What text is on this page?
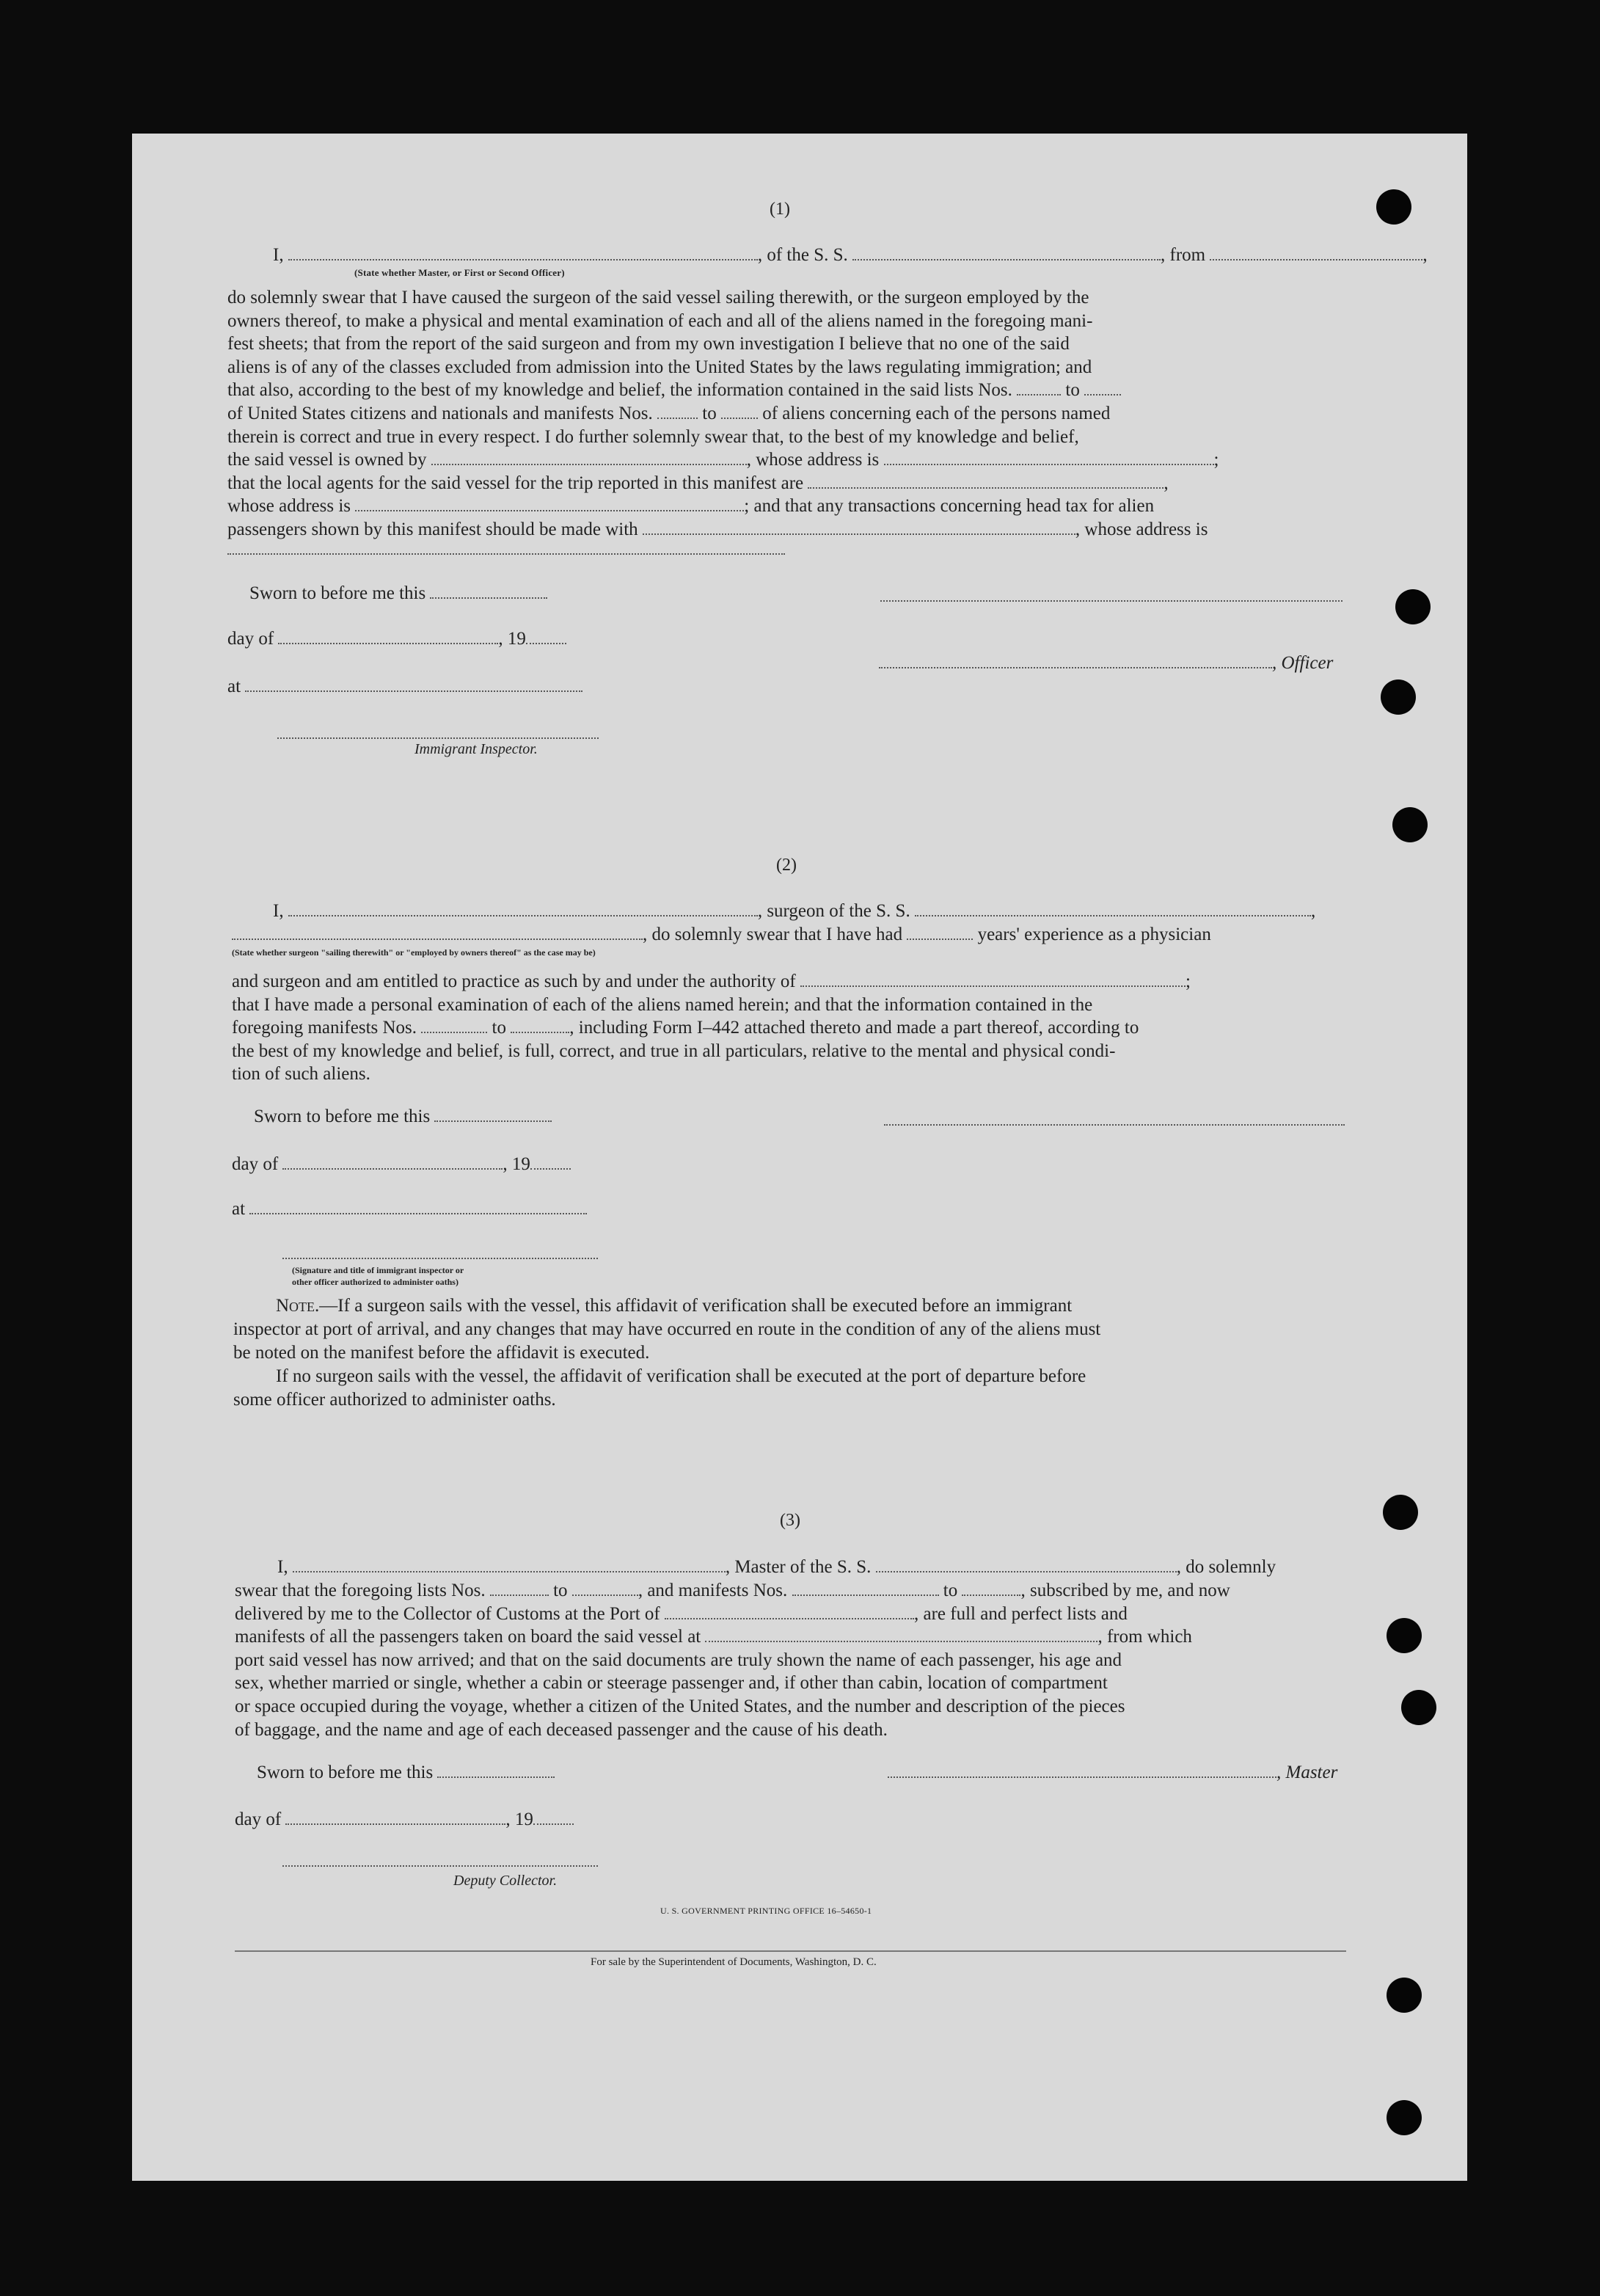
(1)
I,	, of the S. S.	, from	,
(State whether Master, or First or Second Officer)
do solemnly swear that I have caused the surgeon of the said vessel sailing therewith, or the surgeon employed by the
owners thereof, to make a physical and mental examination of each and all of the aliens named in the foregoing mani-
fest sheets; that from the report of the said surgeon and from my own investigation I believe that no one of the said
aliens is of any of the classes excluded from admission into the United States by the laws regulating immigration; and
that also, according to the best of my knowledge and belief, the information contained in the said lists Nos.	to
of United States citizens and nationals and manifests Nos.	to	of aliens concerning each of the persons named
therein is correct and true in every respect. I do further solemnly swear that, to the best of my knowledge and belief,
the said vessel is owned by	, whose address is	;
that the local agents for the said vessel for the trip reported in this manifest are	,
whose address is	; and that any transactions concerning head tax for alien
passengers shown by this manifest should be made with	, whose address is
Sworn to before me this
day of	, 19
, Officer
at
Immigrant Inspector.
(2)
I,	, surgeon of the S. S.	,
, do solemnly swear that I have had	years' experience as a physician
(State whether surgeon "sailing therewith" or "employed by owners thereof" as the case may be)
and surgeon and am entitled to practice as such by and under the authority of	;
that I have made a personal examination of each of the aliens named herein; and that the information contained in the
foregoing manifests Nos.	to	, including Form I–442 attached thereto and made a part thereof, according to
the best of my knowledge and belief, is full, correct, and true in all particulars, relative to the mental and physical condi-
tion of such aliens.
Sworn to before me this
day of	, 19
at
(Signature and title of immigrant inspector or
other officer authorized to administer oaths)
Note.—If a surgeon sails with the vessel, this affidavit of verification shall be executed before an immigrant
inspector at port of arrival, and any changes that may have occurred en route in the condition of any of the aliens must
be noted on the manifest before the affidavit is executed.
If no surgeon sails with the vessel, the affidavit of verification shall be executed at the port of departure before
some officer authorized to administer oaths.
(3)
I,	, Master of the S. S.	, do solemnly
swear that the foregoing lists Nos.	to	, and manifests Nos.	to	, subscribed by me, and now
delivered by me to the Collector of Customs at the Port of	, are full and perfect lists and
manifests of all the passengers taken on board the said vessel at	, from which
port said vessel has now arrived; and that on the said documents are truly shown the name of each passenger, his age and
sex, whether married or single, whether a cabin or steerage passenger and, if other than cabin, location of compartment
or space occupied during the voyage, whether a citizen of the United States, and the number and description of the pieces
of baggage, and the name and age of each deceased passenger and the cause of his death.
Sworn to before me this	, Master
day of	, 19
Deputy Collector.
U. S. GOVERNMENT PRINTING OFFICE 16–54650-1
For sale by the Superintendent of Documents, Washington, D. C.
